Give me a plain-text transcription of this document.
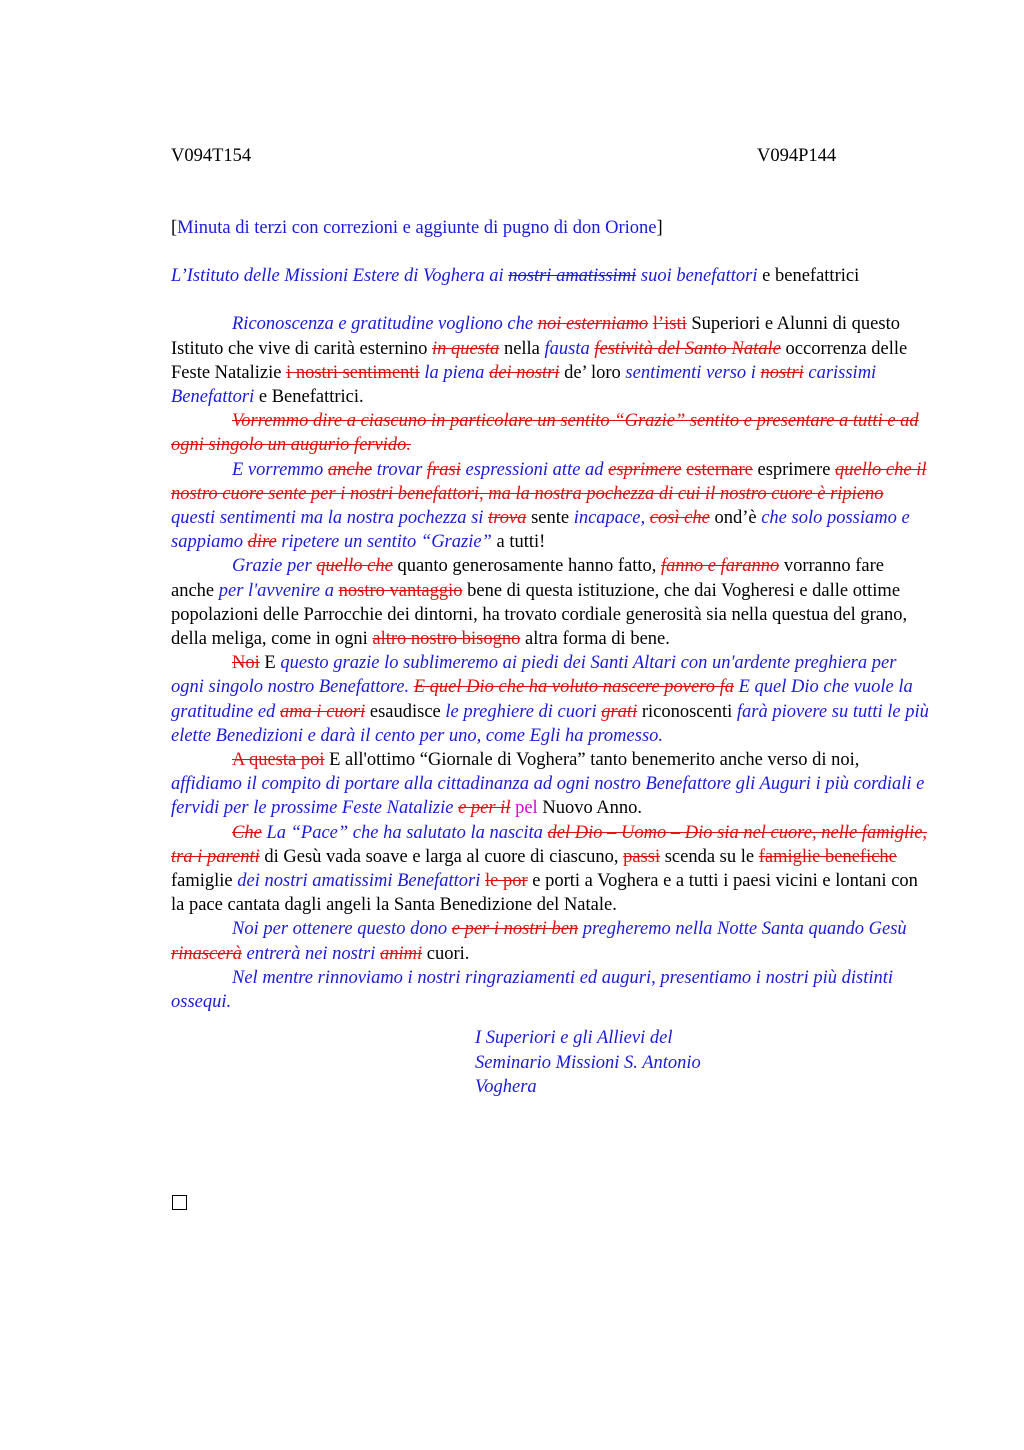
V094T154	V094P144

[Minuta di terzi con correzioni e aggiunte di pugno di don Orione]

L’Istituto delle Missioni Estere di Voghera ai nostri amatissimi suoi benefattori e benefattrici

Riconoscenza e gratitudine vogliono che noi esterniamo l’isti Superiori e Alunni di questo Istituto che vive di carità esternino in questa nella fausta festività del Santo Natale occorrenza delle Feste Natalizie i nostri sentimenti la piena dei nostri de’ loro sentimenti verso i nostri carissimi Benefattori e Benefattrici.

Vorremmo dire a ciascuno in particolare un sentito “Grazie” sentito e presentare a tutti e ad ogni singolo un augurio fervido.

E vorremmo anche trovar frasi espressioni atte ad esprimere esternare esprimere quello che il nostro cuore sente per i nostri benefattori, ma la nostra pochezza di cui il nostro cuore è ripieno questi sentimenti ma la nostra pochezza si trova sente incapace, così che ond’è che solo possiamo e sappiamo dire ripetere un sentito “Grazie” a tutti!

Grazie per quello che quanto generosamente hanno fatto, fanno e faranno vorranno fare anche per l'avvenire a nostro vantaggio bene di questa istituzione, che dai Vogheresi e dalle ottime popolazioni delle Parrocchie dei dintorni, ha trovato cordiale generosità sia nella questua del grano, della meliga, come in ogni altro nostro bisogno altra forma di bene.

Noi E questo grazie lo sublimeremo ai piedi dei Santi Altari con un'ardente preghiera per ogni singolo nostro Benefattore. E quel Dio che ha voluto nascere povero fa E quel Dio che vuole la gratitudine ed ama i cuori esaudisce le preghiere di cuori grati riconoscenti farà piovere su tutti le più elette Benedizioni e darà il cento per uno, come Egli ha promesso.

A questa poi E all'ottimo “Giornale di Voghera” tanto benemerito anche verso di noi, affidiamo il compito di portare alla cittadinanza ad ogni nostro Benefattore gli Auguri i più cordiali e fervidi per le prossime Feste Natalizie e per il pel Nuovo Anno.

Che La “Pace” che ha salutato la nascita del Dio – Uomo – Dio sia nel cuore, nelle famiglie, tra i parenti di Gesù vada soave e larga al cuore di ciascuno, passi scenda su le famiglie benefiche famiglie dei nostri amatissimi Benefattori le por e porti a Voghera e a tutti i paesi vicini e lontani con la pace cantata dagli angeli la Santa Benedizione del Natale.

Noi per ottenere questo dono e per i nostri ben pregheremo nella Notte Santa quando Gesù rinascerà entrerà nei nostri animi cuori.

Nel mentre rinnoviamo i nostri ringraziamenti ed auguri, presentiamo i nostri più distinti ossequi.

I Superiori e gli Allievi del
Seminario Missioni S. Antonio
Voghera
